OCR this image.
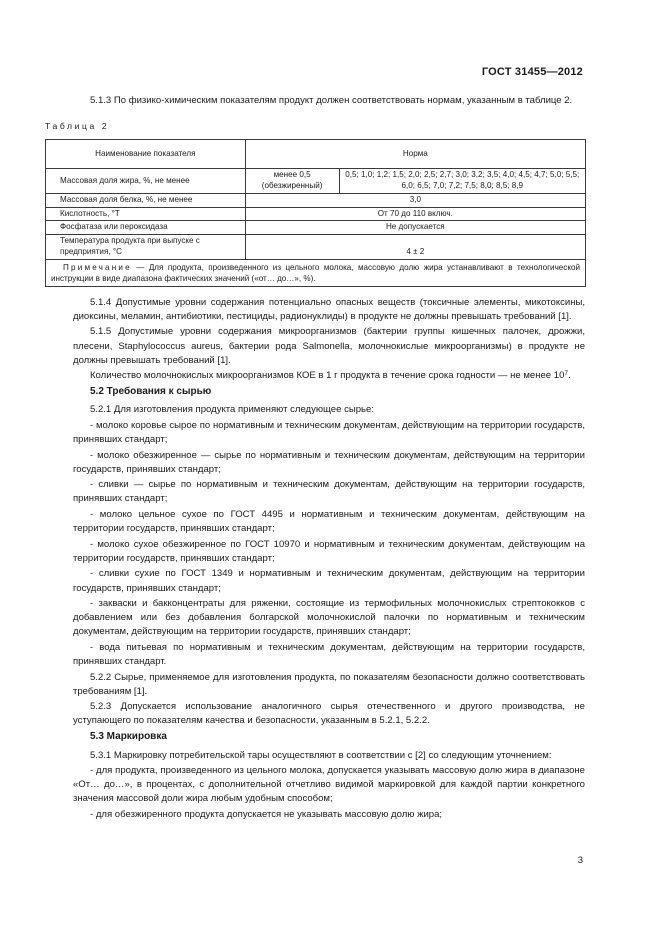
ГОСТ 31455—2012

5.1.3 По физико-химическим показателям продукт должен соответствовать нормам, указанным в таблице 2.

Таблица 2
Наименование показателя	Норма	
Массовая доля жира, %, не менее	менее 0,5 (обезжиренный)	0,5; 1,0; 1,2; 1,5; 2,0; 2,5; 2,7; 3,0; 3,2; 3,5; 4,0; 4,5; 4,7; 5,0; 5,5; 6,0; 6,5; 7,0; 7,2; 7,5; 8,0; 8,5; 8,9
Массовая доля белка, %, не менее	3,0	
Кислотность, °Т	От 70 до 110 включ.	
Фосфатаза или пероксидаза	Не допускается	
Температура продукта при выпуске с предприятия, °С	4 ± 2	
Примечание — Для продукта, произведенного из цельного молока, массовую долю жира устанавливают в технологической инструкции в виде диапазона фактических значений («от… до…», %).		

5.1.4 Допустимые уровни содержания потенциально опасных веществ (токсичные элементы, микотоксины, диоксины, меламин, антибиотики, пестициды, радионуклиды) в продукте не должны превышать требований [1].

5.1.5 Допустимые уровни содержания микроорганизмов (бактерии группы кишечных палочек, дрожжи, плесени, Staphylococcus aureus, бактерии рода Salmonella, молочнокислые микроорганизмы) в продукте не должны превышать требований [1].

Количество молочнокислых микроорганизмов КОЕ в 1 г продукта в течение срока годности — не менее $10^7$.

5.2 Требования к сырью

5.2.1 Для изготовления продукта применяют следующее сырье:

- молоко коровье сырое по нормативным и техническим документам, действующим на территории государств, принявших стандарт;

- молоко обезжиренное — сырье по нормативным и техническим документам, действующим на территории государств, принявших стандарт;

- сливки — сырье по нормативным и техническим документам, действующим на территории государств, принявших стандарт;

- молоко цельное сухое по ГОСТ 4495 и нормативным и техническим документам, действующим на территории государств, принявших стандарт;

- молоко сухое обезжиренное по ГОСТ 10970 и нормативным и техническим документам, действующим на территории государств, принявших стандарт;

- сливки сухие по ГОСТ 1349 и нормативным и техническим документам, действующим на территории государств, принявших стандарт;

- закваски и бакконцентраты для ряженки, состоящие из термофильных молочнокислых стрептококков с добавлением или без добавления болгарской молочнокислой палочки по нормативным и техническим документам, действующим на территории государств, принявших стандарт;

- вода питьевая по нормативным и техническим документам, действующим на территории государств, принявших стандарт.

5.2.2 Сырье, применяемое для изготовления продукта, по показателям безопасности должно соответствовать требованиям [1].

5.2.3 Допускается использование аналогичного сырья отечественного и другого производства, не уступающего по показателям качества и безопасности, указанным в 5.2.1, 5.2.2.

5.3 Маркировка

5.3.1 Маркировку потребительской тары осуществляют в соответствии с [2] со следующим уточнением:

- для продукта, произведенного из цельного молока, допускается указывать массовую долю жира в диапазоне «От… до…», в процентах, с дополнительной отчетливо видимой маркировкой для каждой партии конкретного значения массовой доли жира любым удобным способом;

- для обезжиренного продукта допускается не указывать массовую долю жира;

3
